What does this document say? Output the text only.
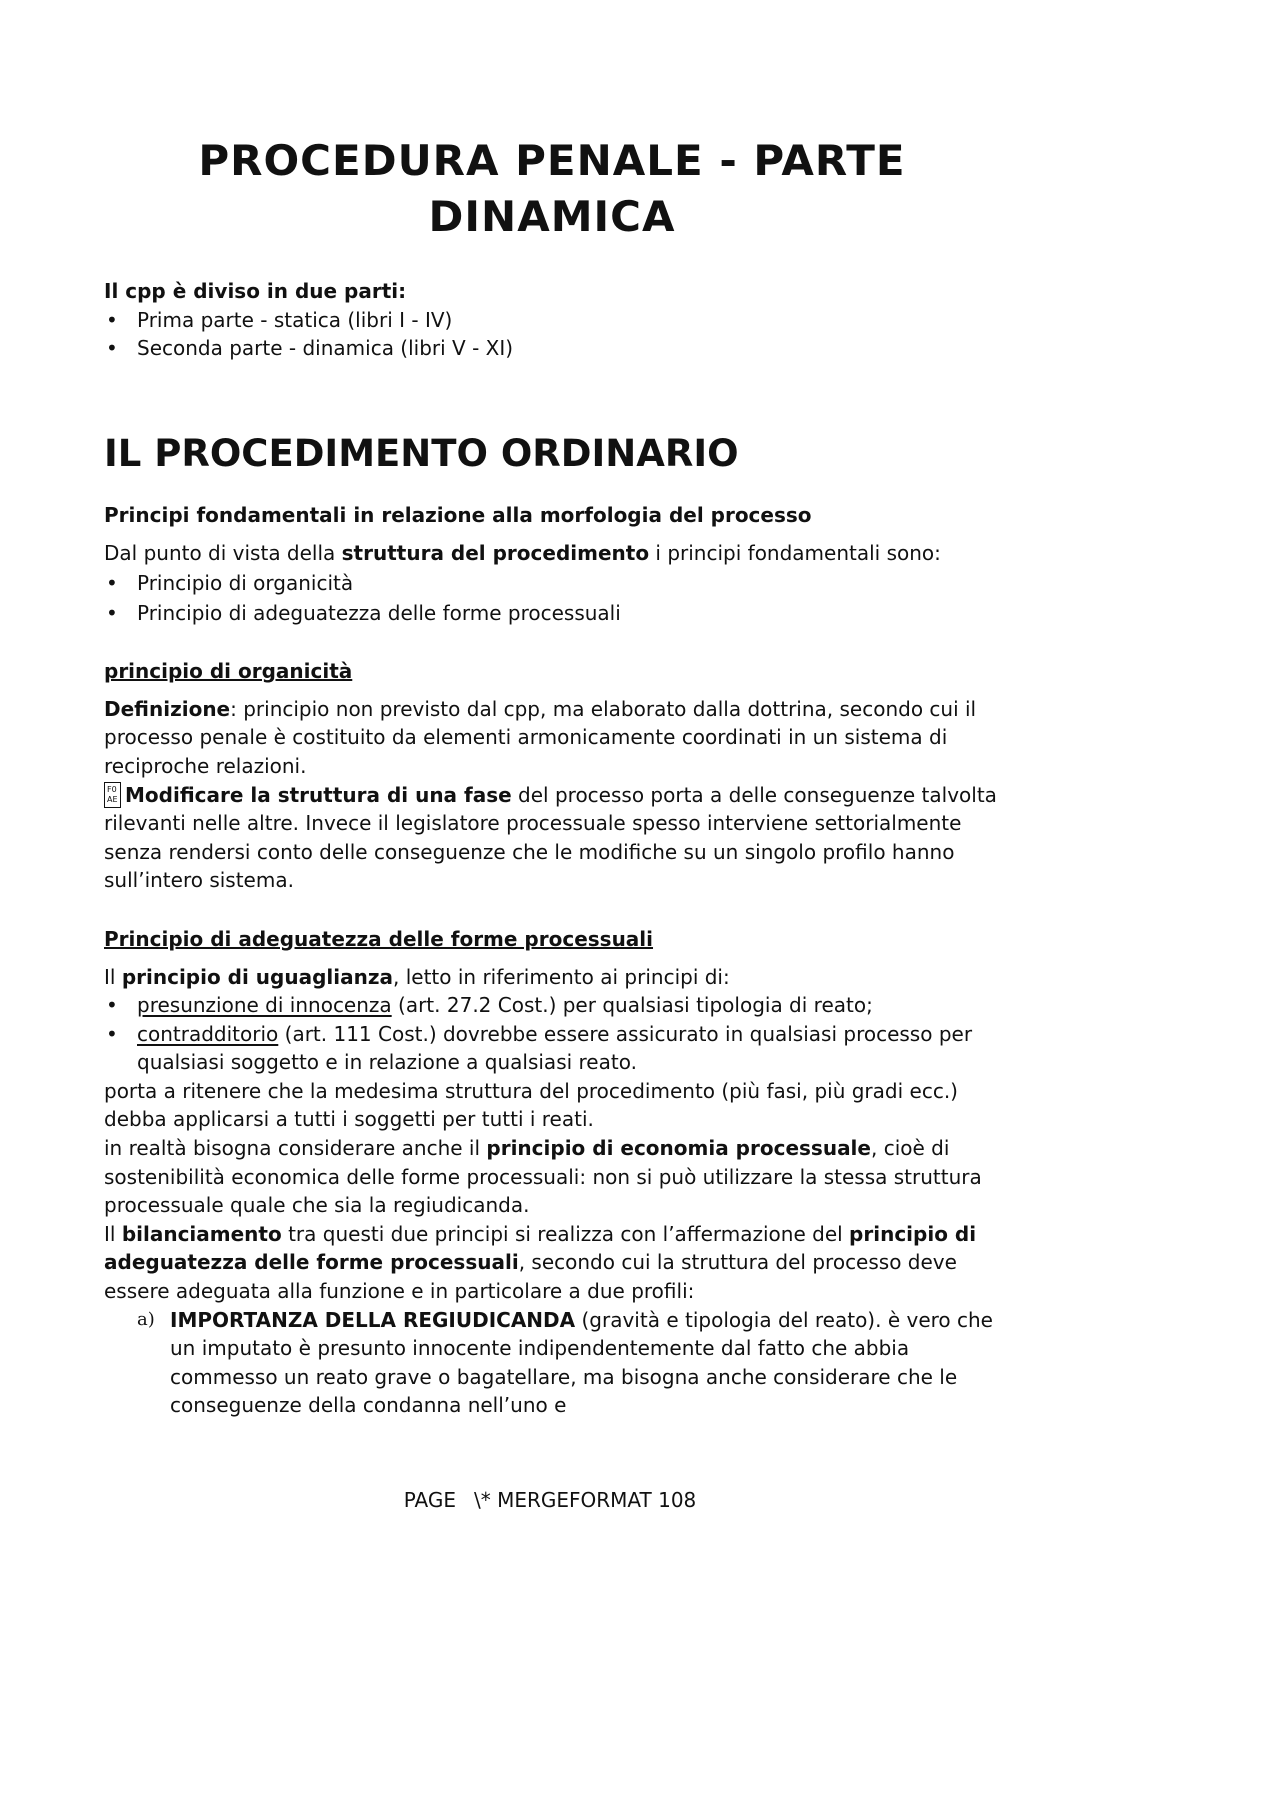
PROCEDURA PENALE - PARTE DINAMICA

Il cpp è diviso in due parti:

• Prima parte - statica (libri I - IV)
• Seconda parte - dinamica (libri V - XI)
IL PROCEDIMENTO ORDINARIO

Principi fondamentali in relazione alla morfologia del processo

Dal punto di vista della struttura del procedimento i principi fondamentali sono:

• Principio di organicità
• Principio di adeguatezza delle forme processuali

principio di organicità

Definizione: principio non previsto dal cpp, ma elaborato dalla dottrina, secondo cui il processo penale è costituito da elementi armonicamente coordinati in un sistema di reciproche relazioni.

F0
AE Modificare la struttura di una fase del processo porta a delle conseguenze talvolta rilevanti nelle altre. Invece il legislatore processuale spesso interviene settorialmente senza rendersi conto delle conseguenze che le modifiche su un singolo profilo hanno sull’intero sistema.

Principio di adeguatezza delle forme processuali

Il principio di uguaglianza, letto in riferimento ai principi di:

• presunzione di innocenza (art. 27.2 Cost.) per qualsiasi tipologia di reato;
• contradditorio (art. 111 Cost.) dovrebbe essere assicurato in qualsiasi processo per qualsiasi soggetto e in relazione a qualsiasi reato.

porta a ritenere che la medesima struttura del procedimento (più fasi, più gradi ecc.) debba applicarsi a tutti i soggetti per tutti i reati.

in realtà bisogna considerare anche il principio di economia processuale, cioè di sostenibilità economica delle forme processuali: non si può utilizzare la stessa struttura processuale quale che sia la regiudicanda.

Il bilanciamento tra questi due principi si realizza con l’affermazione del principio di adeguatezza delle forme processuali, secondo cui la struttura del processo deve essere adeguata alla funzione e in particolare a due profili:

a) IMPORTANZA DELLA REGIUDICANDA (gravità e tipologia del reato). è vero che un imputato è presunto innocente indipendentemente dal fatto che abbia commesso un reato grave o bagatellare, ma bisogna anche considerare che le conseguenze della condanna nell’uno e
PAGE \* MERGEFORMAT 108
